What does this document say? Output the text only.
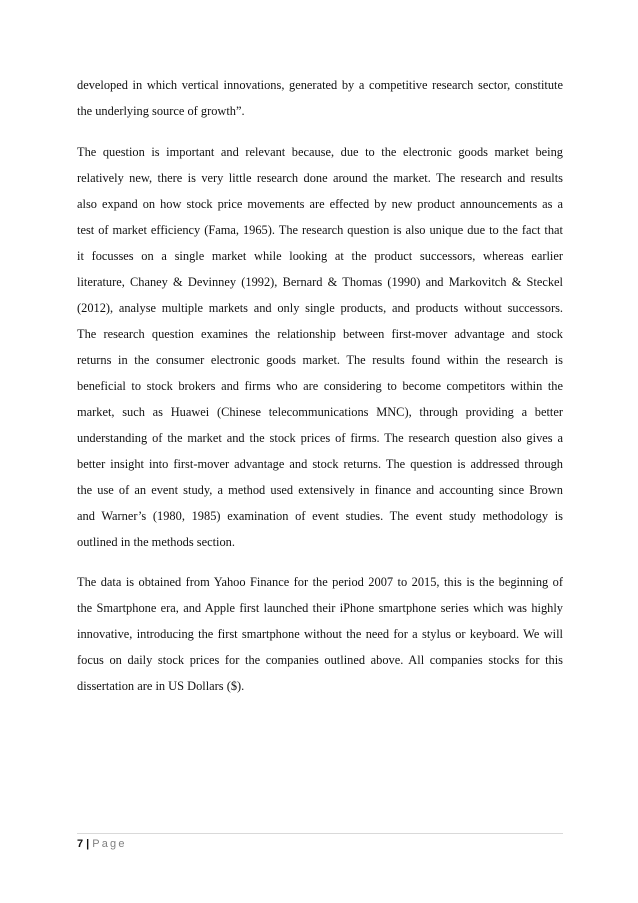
developed in which vertical innovations, generated by a competitive research sector, constitute
the underlying source of growth”.
The question is important and relevant because, due to the electronic goods market being
relatively new, there is very little research done around the market. The research and results
also expand on how stock price movements are effected by new product announcements as a
test of market efficiency (Fama, 1965). The research question is also unique due to the fact that
it focusses on a single market while looking at the product successors, whereas earlier
literature, Chaney & Devinney (1992), Bernard & Thomas (1990) and Markovitch & Steckel
(2012), analyse multiple markets and only single products, and products without successors.
The research question examines the relationship between first-mover advantage and stock
returns in the consumer electronic goods market. The results found within the research is
beneficial to stock brokers and firms who are considering to become competitors within the
market, such as Huawei (Chinese telecommunications MNC), through providing a better
understanding of the market and the stock prices of firms. The research question also gives a
better insight into first-mover advantage and stock returns. The question is addressed through
the use of an event study, a method used extensively in finance and accounting since Brown
and Warner’s (1980, 1985) examination of event studies. The event study methodology is
outlined in the methods section.
The data is obtained from Yahoo Finance for the period 2007 to 2015, this is the beginning of
the Smartphone era, and Apple first launched their iPhone smartphone series which was highly
innovative, introducing the first smartphone without the need for a stylus or keyboard. We will
focus on daily stock prices for the companies outlined above. All companies stocks for this
dissertation are in US Dollars ($).
7 | Page
